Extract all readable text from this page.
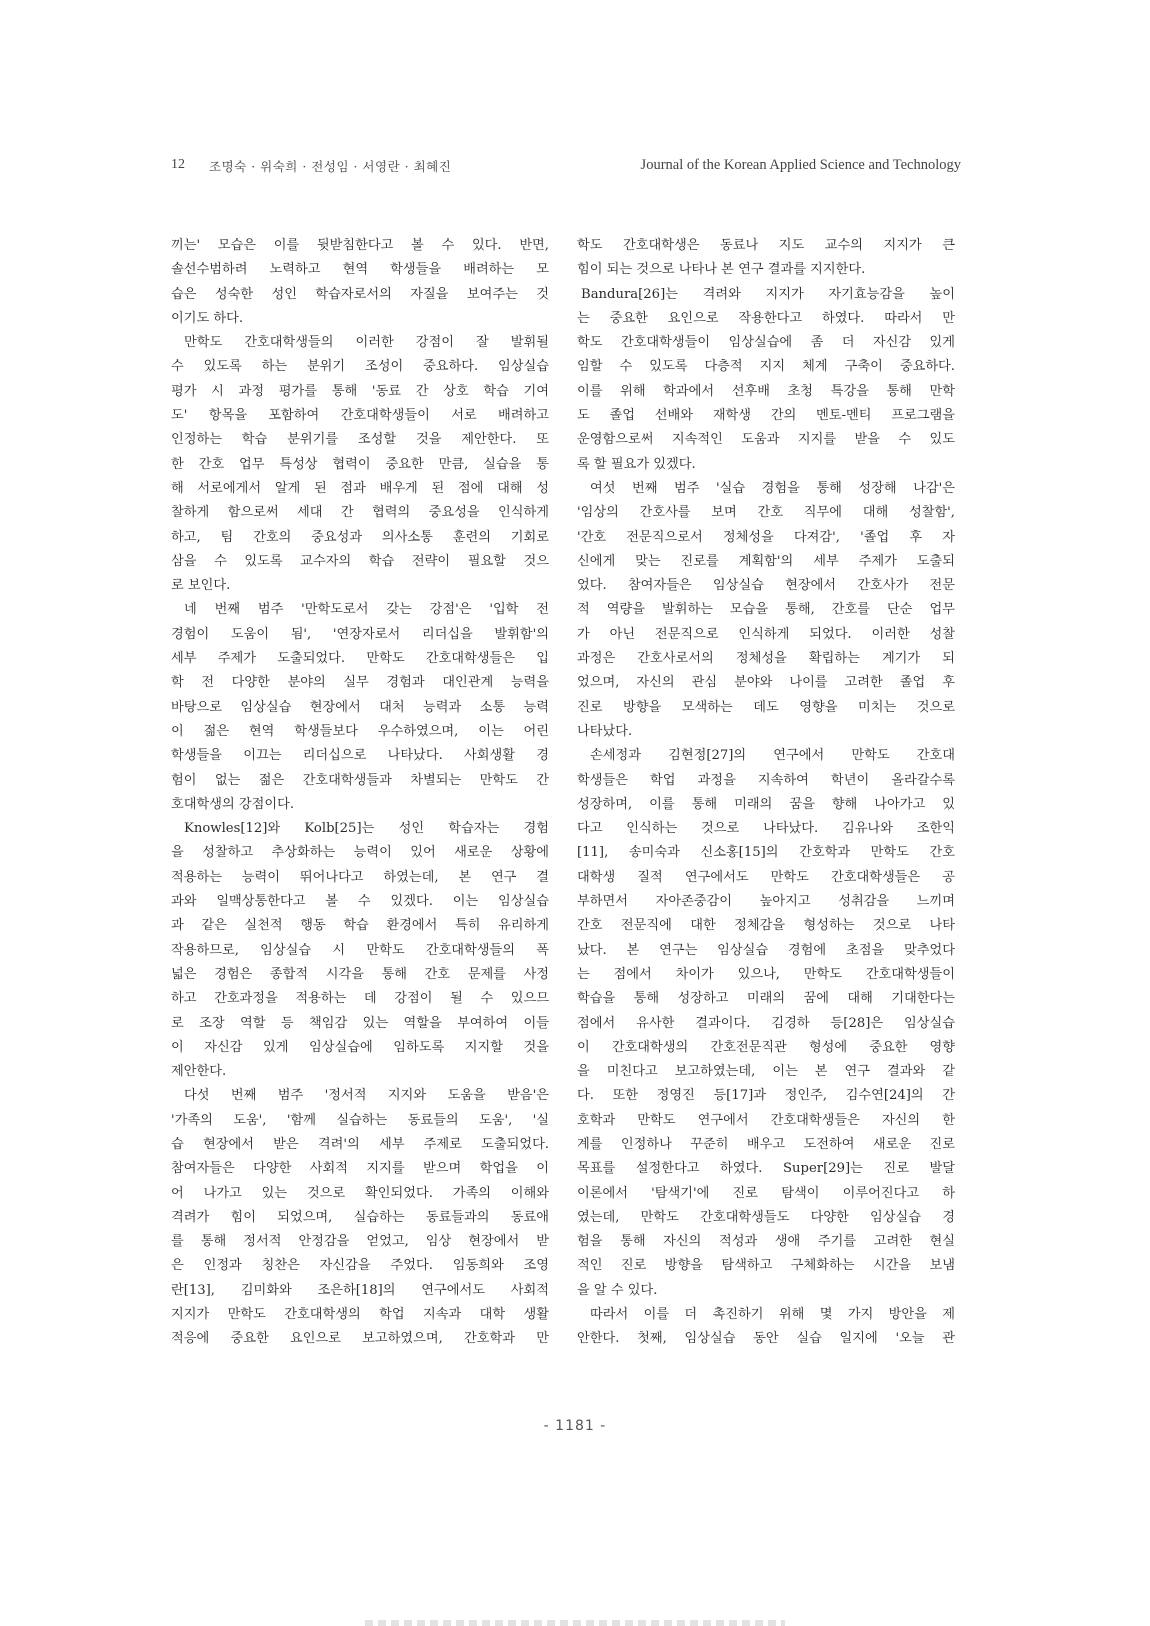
12 조명숙 · 위숙희 · 전성임 · 서영란 · 최혜진	Journal of the Korean Applied Science and Technology
끼는' 모습은 이를 뒷받침한다고 볼 수 있다. 반면,
솔선수범하려 노력하고 현역 학생들을 배려하는 모
습은 성숙한 성인 학습자로서의 자질을 보여주는 것
이기도 하다.
만학도 간호대학생들의 이러한 강점이 잘 발휘될
수 있도록 하는 분위기 조성이 중요하다. 임상실습
평가 시 과정 평가를 통해 '동료 간 상호 학습 기여
도' 항목을 포함하여 간호대학생들이 서로 배려하고
인정하는 학습 분위기를 조성할 것을 제안한다. 또
한 간호 업무 특성상 협력이 중요한 만큼, 실습을 통
해 서로에게서 알게 된 점과 배우게 된 점에 대해 성
찰하게 함으로써 세대 간 협력의 중요성을 인식하게
하고, 팀 간호의 중요성과 의사소통 훈련의 기회로
삼을 수 있도록 교수자의 학습 전략이 필요할 것으
로 보인다.
네 번째 범주 '만학도로서 갖는 강점'은 '입학 전
경험이 도움이 됨', '연장자로서 리더십을 발휘함'의
세부 주제가 도출되었다. 만학도 간호대학생들은 입
학 전 다양한 분야의 실무 경험과 대인관계 능력을
바탕으로 임상실습 현장에서 대처 능력과 소통 능력
이 젊은 현역 학생들보다 우수하였으며, 이는 어린
학생들을 이끄는 리더십으로 나타났다. 사회생활 경
험이 없는 젊은 간호대학생들과 차별되는 만학도 간
호대학생의 강점이다.
Knowles[12]와 Kolb[25]는 성인 학습자는 경험
을 성찰하고 추상화하는 능력이 있어 새로운 상황에
적용하는 능력이 뛰어나다고 하였는데, 본 연구 결
과와 일맥상통한다고 볼 수 있겠다. 이는 임상실습
과 같은 실천적 행동 학습 환경에서 특히 유리하게
작용하므로, 임상실습 시 만학도 간호대학생들의 폭
넓은 경험은 종합적 시각을 통해 간호 문제를 사정
하고 간호과정을 적용하는 데 강점이 될 수 있으므
로 조장 역할 등 책임감 있는 역할을 부여하여 이들
이 자신감 있게 임상실습에 임하도록 지지할 것을
제안한다.
다섯 번째 범주 '정서적 지지와 도움을 받음'은
'가족의 도움', '함께 실습하는 동료들의 도움', '실
습 현장에서 받은 격려'의 세부 주제로 도출되었다.
참여자들은 다양한 사회적 지지를 받으며 학업을 이
어 나가고 있는 것으로 확인되었다. 가족의 이해와
격려가 힘이 되었으며, 실습하는 동료들과의 동료애
를 통해 정서적 안정감을 얻었고, 임상 현장에서 받
은 인정과 칭찬은 자신감을 주었다. 임동희와 조영
란[13], 김미화와 조은하[18]의 연구에서도 사회적
지지가 만학도 간호대학생의 학업 지속과 대학 생활
적응에 중요한 요인으로 보고하였으며, 간호학과 만
학도 간호대학생은 동료나 지도 교수의 지지가 큰
힘이 되는 것으로 나타나 본 연구 결과를 지지한다.
Bandura[26]는 격려와 지지가 자기효능감을 높이
는 중요한 요인으로 작용한다고 하였다. 따라서 만
학도 간호대학생들이 임상실습에 좀 더 자신감 있게
임할 수 있도록 다층적 지지 체계 구축이 중요하다.
이를 위해 학과에서 선후배 초청 특강을 통해 만학
도 졸업 선배와 재학생 간의 멘토-멘티 프로그램을
운영함으로써 지속적인 도움과 지지를 받을 수 있도
록 할 필요가 있겠다.
여섯 번째 범주 '실습 경험을 통해 성장해 나감'은
'임상의 간호사를 보며 간호 직무에 대해 성찰함',
'간호 전문직으로서 정체성을 다져감', '졸업 후 자
신에게 맞는 진로를 계획함'의 세부 주제가 도출되
었다. 참여자들은 임상실습 현장에서 간호사가 전문
적 역량을 발휘하는 모습을 통해, 간호를 단순 업무
가 아닌 전문직으로 인식하게 되었다. 이러한 성찰
과정은 간호사로서의 정체성을 확립하는 계기가 되
었으며, 자신의 관심 분야와 나이를 고려한 졸업 후
진로 방향을 모색하는 데도 영향을 미치는 것으로
나타났다.
손세정과 김현정[27]의 연구에서 만학도 간호대
학생들은 학업 과정을 지속하여 학년이 올라갈수록
성장하며, 이를 통해 미래의 꿈을 향해 나아가고 있
다고 인식하는 것으로 나타났다. 김유나와 조한익
[11], 송미숙과 신소홍[15]의 간호학과 만학도 간호
대학생 질적 연구에서도 만학도 간호대학생들은 공
부하면서 자아존중감이 높아지고 성취감을 느끼며
간호 전문직에 대한 정체감을 형성하는 것으로 나타
났다. 본 연구는 임상실습 경험에 초점을 맞추었다
는 점에서 차이가 있으나, 만학도 간호대학생들이
학습을 통해 성장하고 미래의 꿈에 대해 기대한다는
점에서 유사한 결과이다. 김경하 등[28]은 임상실습
이 간호대학생의 간호전문직관 형성에 중요한 영향
을 미친다고 보고하였는데, 이는 본 연구 결과와 같
다. 또한 정영진 등[17]과 정인주, 김수연[24]의 간
호학과 만학도 연구에서 간호대학생들은 자신의 한
계를 인정하나 꾸준히 배우고 도전하여 새로운 진로
목표를 설정한다고 하였다. Super[29]는 진로 발달
이론에서 '탐색기'에 진로 탐색이 이루어진다고 하
였는데, 만학도 간호대학생들도 다양한 임상실습 경
험을 통해 자신의 적성과 생애 주기를 고려한 현실
적인 진로 방향을 탐색하고 구체화하는 시간을 보냄
을 알 수 있다.
따라서 이를 더 촉진하기 위해 몇 가지 방안을 제
안한다. 첫째, 임상실습 동안 실습 일지에 '오늘 관
- 1181 -
